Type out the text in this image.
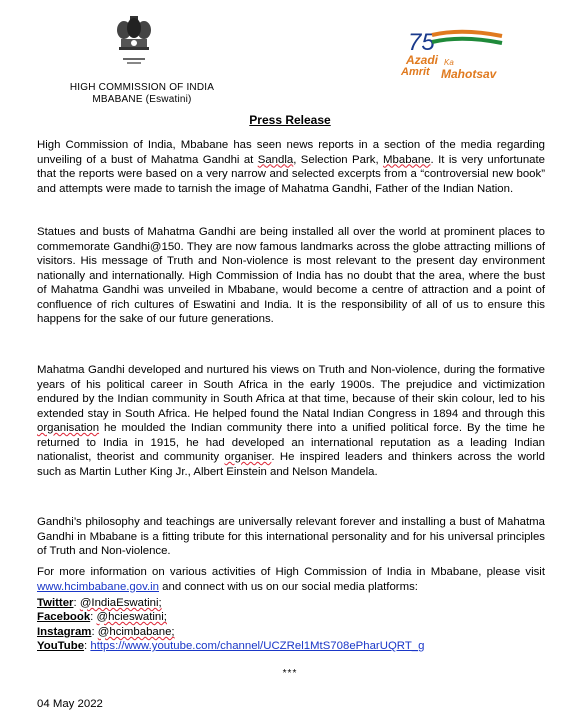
HIGH COMMISSION OF INDIA
MBABANE (Eswatini)
75
Azadi Ka
Amrit Mahotsav
Press Release

High Commission of India, Mbabane has seen news reports in a section of the media regarding unveiling of a bust of Mahatma Gandhi at Sandla, Selection Park, Mbabane. It is very unfortunate that the reports were based on a very narrow and selected excerpts from a “controversial new book” and attempts were made to tarnish the image of Mahatma Gandhi, Father of the Indian Nation.

Statues and busts of Mahatma Gandhi are being installed all over the world at prominent places to commemorate Gandhi@150. They are now famous landmarks across the globe attracting millions of visitors. His message of Truth and Non-violence is most relevant to the present day environment nationally and internationally. High Commission of India has no doubt that the area, where the bust of Mahatma Gandhi was unveiled in Mbabane, would become a centre of attraction and a point of confluence of rich cultures of Eswatini and India. It is the responsibility of all of us to ensure this happens for the sake of our future generations.

Mahatma Gandhi developed and nurtured his views on Truth and Non-violence, during the formative years of his political career in South Africa in the early 1900s. The prejudice and victimization endured by the Indian community in South Africa at that time, because of their skin colour, led to his extended stay in South Africa. He helped found the Natal Indian Congress in 1894 and through this organisation he moulded the Indian community there into a unified political force. By the time he returned to India in 1915, he had developed an international reputation as a leading Indian nationalist, theorist and community organiser. He inspired leaders and thinkers across the world such as Martin Luther King Jr., Albert Einstein and Nelson Mandela.

Gandhi’s philosophy and teachings are universally relevant forever and installing a bust of Mahatma Gandhi in Mbabane is a fitting tribute for this international personality and for his universal principles of Truth and Non-violence.

For more information on various activities of High Commission of India in Mbabane, please visit www.hcimbabane.gov.in and connect with us on our social media platforms:

Twitter: @IndiaEswatini;
Facebook: @hcieswatini;
Instagram: @hcimbabane;
YouTube: https://www.youtube.com/channel/UCZRel1MtS708ePharUQRT_g
***
04 May 2022
